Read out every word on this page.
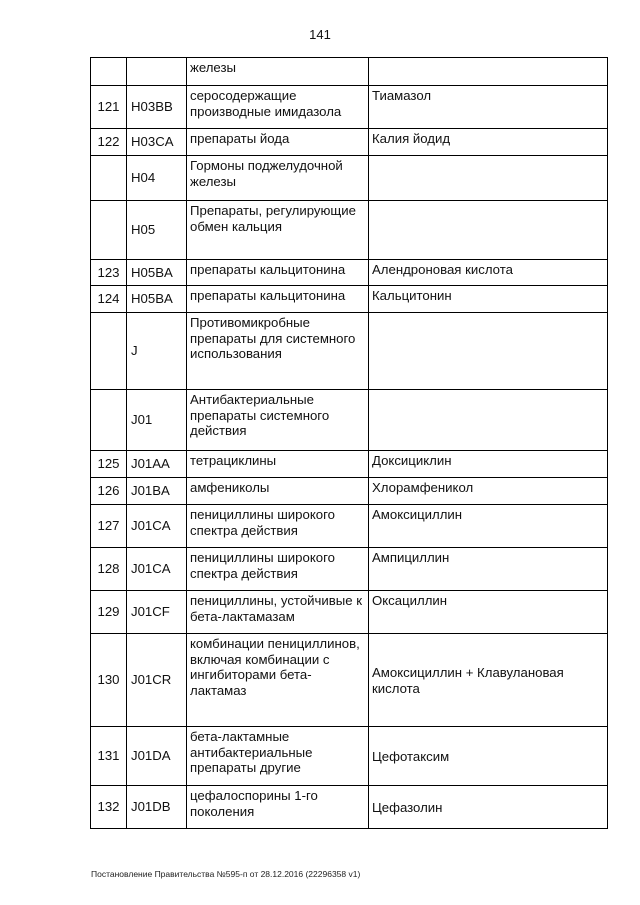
141
		железы	
121	H03BB	серосодержащие производные имидазола	Тиамазол
122	H03CA	препараты йода	Калия йодид
	H04	Гормоны поджелудочной железы	
	H05	Препараты, регулирующие обмен кальция	
123	H05BA	препараты кальцитонина	Алендроновая кислота
124	H05BA	препараты кальцитонина	Кальцитонин
	J	Противомикробные препараты для системного использования	
	J01	Антибактериальные препараты системного действия	
125	J01AA	тетрациклины	Доксициклин
126	J01BA	амфениколы	Хлорамфеникол
127	J01CA	пенициллины широкого спектра действия	Амоксициллин
128	J01CA	пенициллины широкого спектра действия	Ампициллин
129	J01CF	пенициллины, устойчивые к бета-лактамазам	Оксациллин
130	J01CR	комбинации пенициллинов, включая комбинации с ингибиторами бета-лактамаз	Амоксициллин + Клавулановая кислота
131	J01DA	бета-лактамные антибактериальные препараты другие	Цефотаксим
132	J01DB	цефалоспорины 1-го поколения	Цефазолин
Постановление Правительства №595-п от 28.12.2016 (22296358 v1)
